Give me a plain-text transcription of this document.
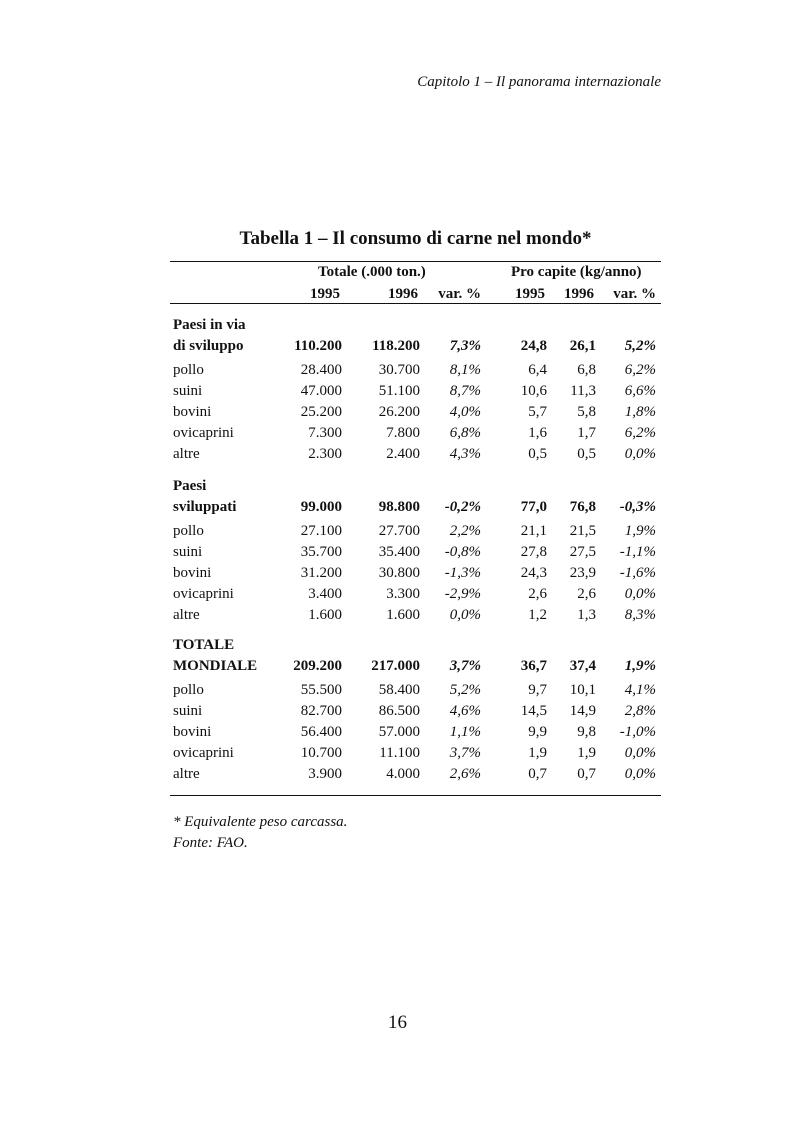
Capitolo 1 – Il panorama internazionale
Tabella 1 – Il consumo di carne nel mondo*
Totale (.000 ton.)	Pro capite (kg/anno)
1995	1996	var. %	1995	1996	var. %
Paesi in via
di sviluppo	110.200	118.200	7,3%	24,8	26,1	5,2%
pollo	28.400	30.700	8,1%	6,4	6,8	6,2%
suini	47.000	51.100	8,7%	10,6	11,3	6,6%
bovini	25.200	26.200	4,0%	5,7	5,8	1,8%
ovicaprini	7.300	7.800	6,8%	1,6	1,7	6,2%
altre	2.300	2.400	4,3%	0,5	0,5	0,0%
Paesi
sviluppati	99.000	98.800	-0,2%	77,0	76,8	-0,3%
pollo	27.100	27.700	2,2%	21,1	21,5	1,9%
suini	35.700	35.400	-0,8%	27,8	27,5	-1,1%
bovini	31.200	30.800	-1,3%	24,3	23,9	-1,6%
ovicaprini	3.400	3.300	-2,9%	2,6	2,6	0,0%
altre	1.600	1.600	0,0%	1,2	1,3	8,3%
TOTALE
MONDIALE	209.200	217.000	3,7%	36,7	37,4	1,9%
pollo	55.500	58.400	5,2%	9,7	10,1	4,1%
suini	82.700	86.500	4,6%	14,5	14,9	2,8%
bovini	56.400	57.000	1,1%	9,9	9,8	-1,0%
ovicaprini	10.700	11.100	3,7%	1,9	1,9	0,0%
altre	3.900	4.000	2,6%	0,7	0,7	0,0%
* Equivalente peso carcassa.
Fonte: FAO.
16
